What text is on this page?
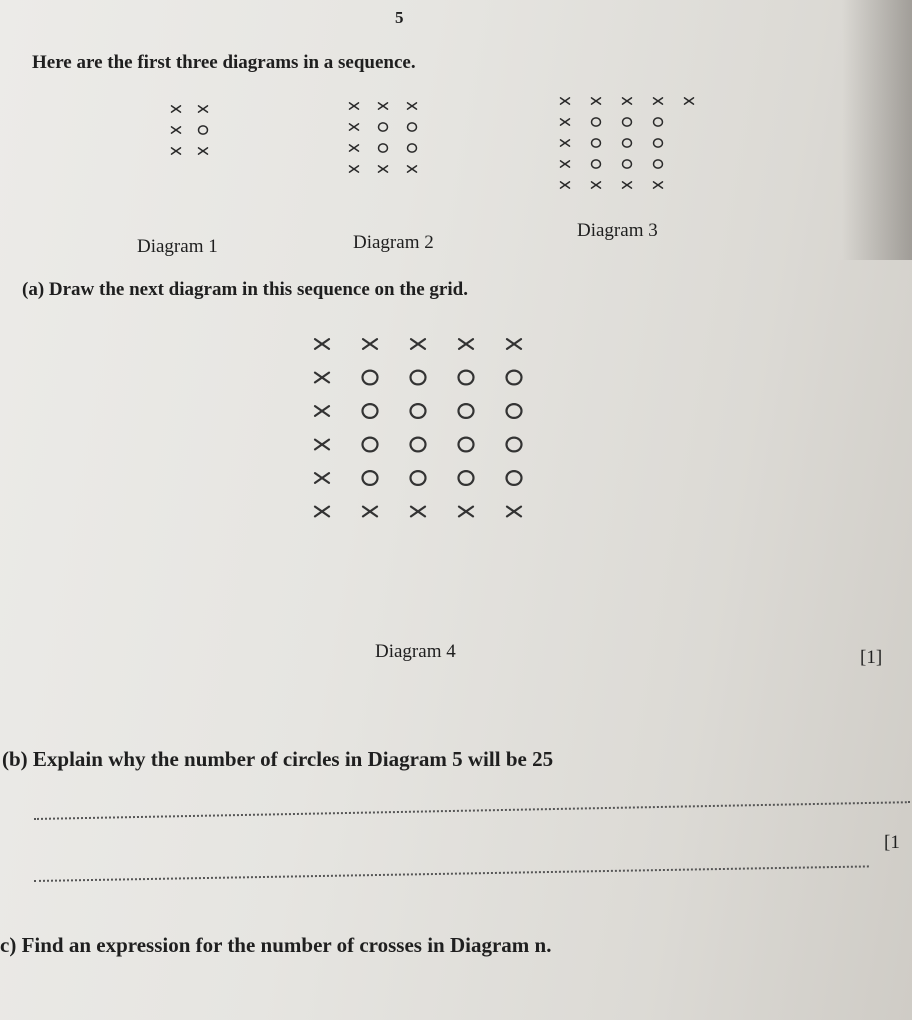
5
Here are the first three diagrams in a sequence.
Diagram 1	Diagram 2
Diagram 3
(a) Draw the next diagram in this sequence on the grid.
Diagram 4	[1]
(b) Explain why the number of circles in Diagram 5 will be 25
[1
c) Find an expression for the number of crosses in Diagram n.
